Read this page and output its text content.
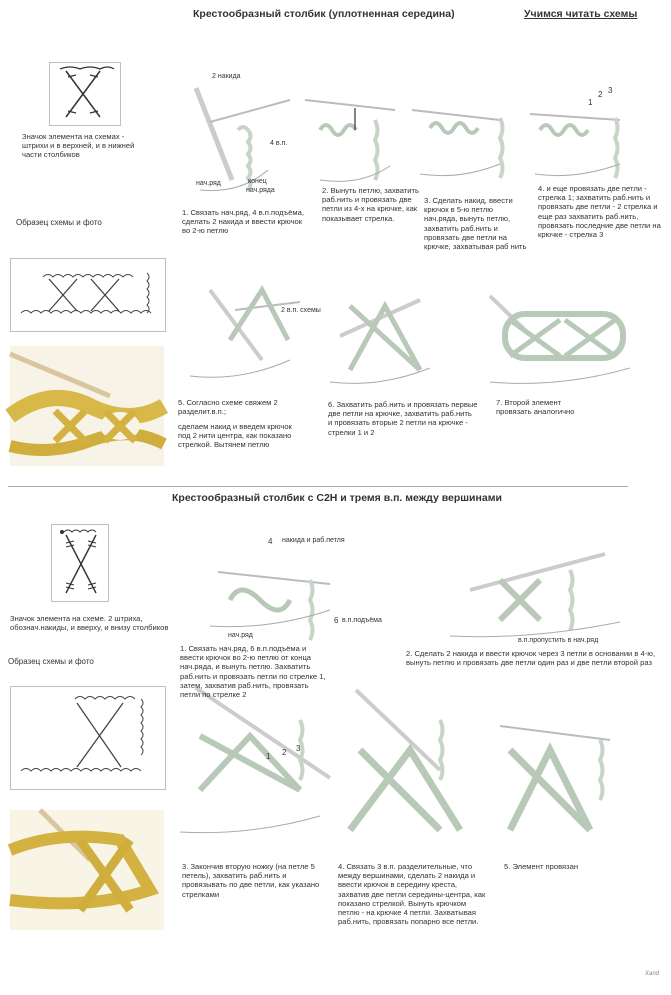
Крестообразный столбик (уплотненная середина)	Учимся читать схемы
Значок элемента на схемах - штрихи и в верхней, и в нижней части столбиков
Образец схемы и фото
2 накида
4 в.п.
нач.ряд	конец
нач.ряда
2 в.п. схемы
1
2 3
1. Связать нач.ряд, 4 в.п.подъёма, сделать 2 накида и ввести крючок во 2-ю петлю
2. Вынуть петлю, захватить раб.нить и провязать две петли из 4-х на крючке, как показывает стрелка.
3. Сделать накид, ввести крючок в 5-ю петлю нач.ряда, вынуть петлю, захватить раб.нить и провязать две петли на крючке, захватывая раб нить
4. и еще провязать две петли - стрелка 1; захватить раб.нить и провязать две петли - 2 стрелка и еще раз захватить раб.нить, провязать последние две петли на крючке - стрелка 3
5. Согласно схеме свяжем 2 разделит.в.п.;
сделаем накид и введем крючок под 2 нити центра, как показано стрелкой. Вытянем петлю
6. Захватить раб.нить и провязать первые две петли на крючке, захватить раб.нить и провязать вторые 2 петли на крючке - стрелки 1 и 2
7. Второй элемент провязать аналогично
Крестообразный столбик с С2Н и тремя в.п. между вершинами
Значок элемента на схеме. 2 штриха, обознач.накиды, и вверху, и внизу столбиков
Образец схемы и фото
накида и раб.петля
4
6 в.п.подъёма
нач.ряд
в.п.пропустить в нач.ряд
1 2 3
1. Связать нач.ряд, 6 в.п.подъёма и ввести крючок во 2-ю петлю от конца нач.ряда, и вынуть петлю. Захватить раб.нить и провязать петли по стрелке 1, затем, захватив раб.нить, провязать петли по стрелке 2
2. Сделать 2 накида и ввести крючок через 3 петли в основании в 4-ю, вынуть петлю и провязать две петли один раз и две петли второй раз
3. Закончив вторую ножку (на петле 5 петель), захватить раб.нить и провязывать по две петли, как указано стрелками
4. Связать 3 в.п. разделительные, что между вершинами, сделать 2 накида и ввести крючок в середину креста, захватив две петли середины-центра, как показано стрелкой. Вынуть крючком петлю - на крючке 4 петли. Захватывая раб.нить, провязать попарно все петли.
5. Элемент провязан
Xand
